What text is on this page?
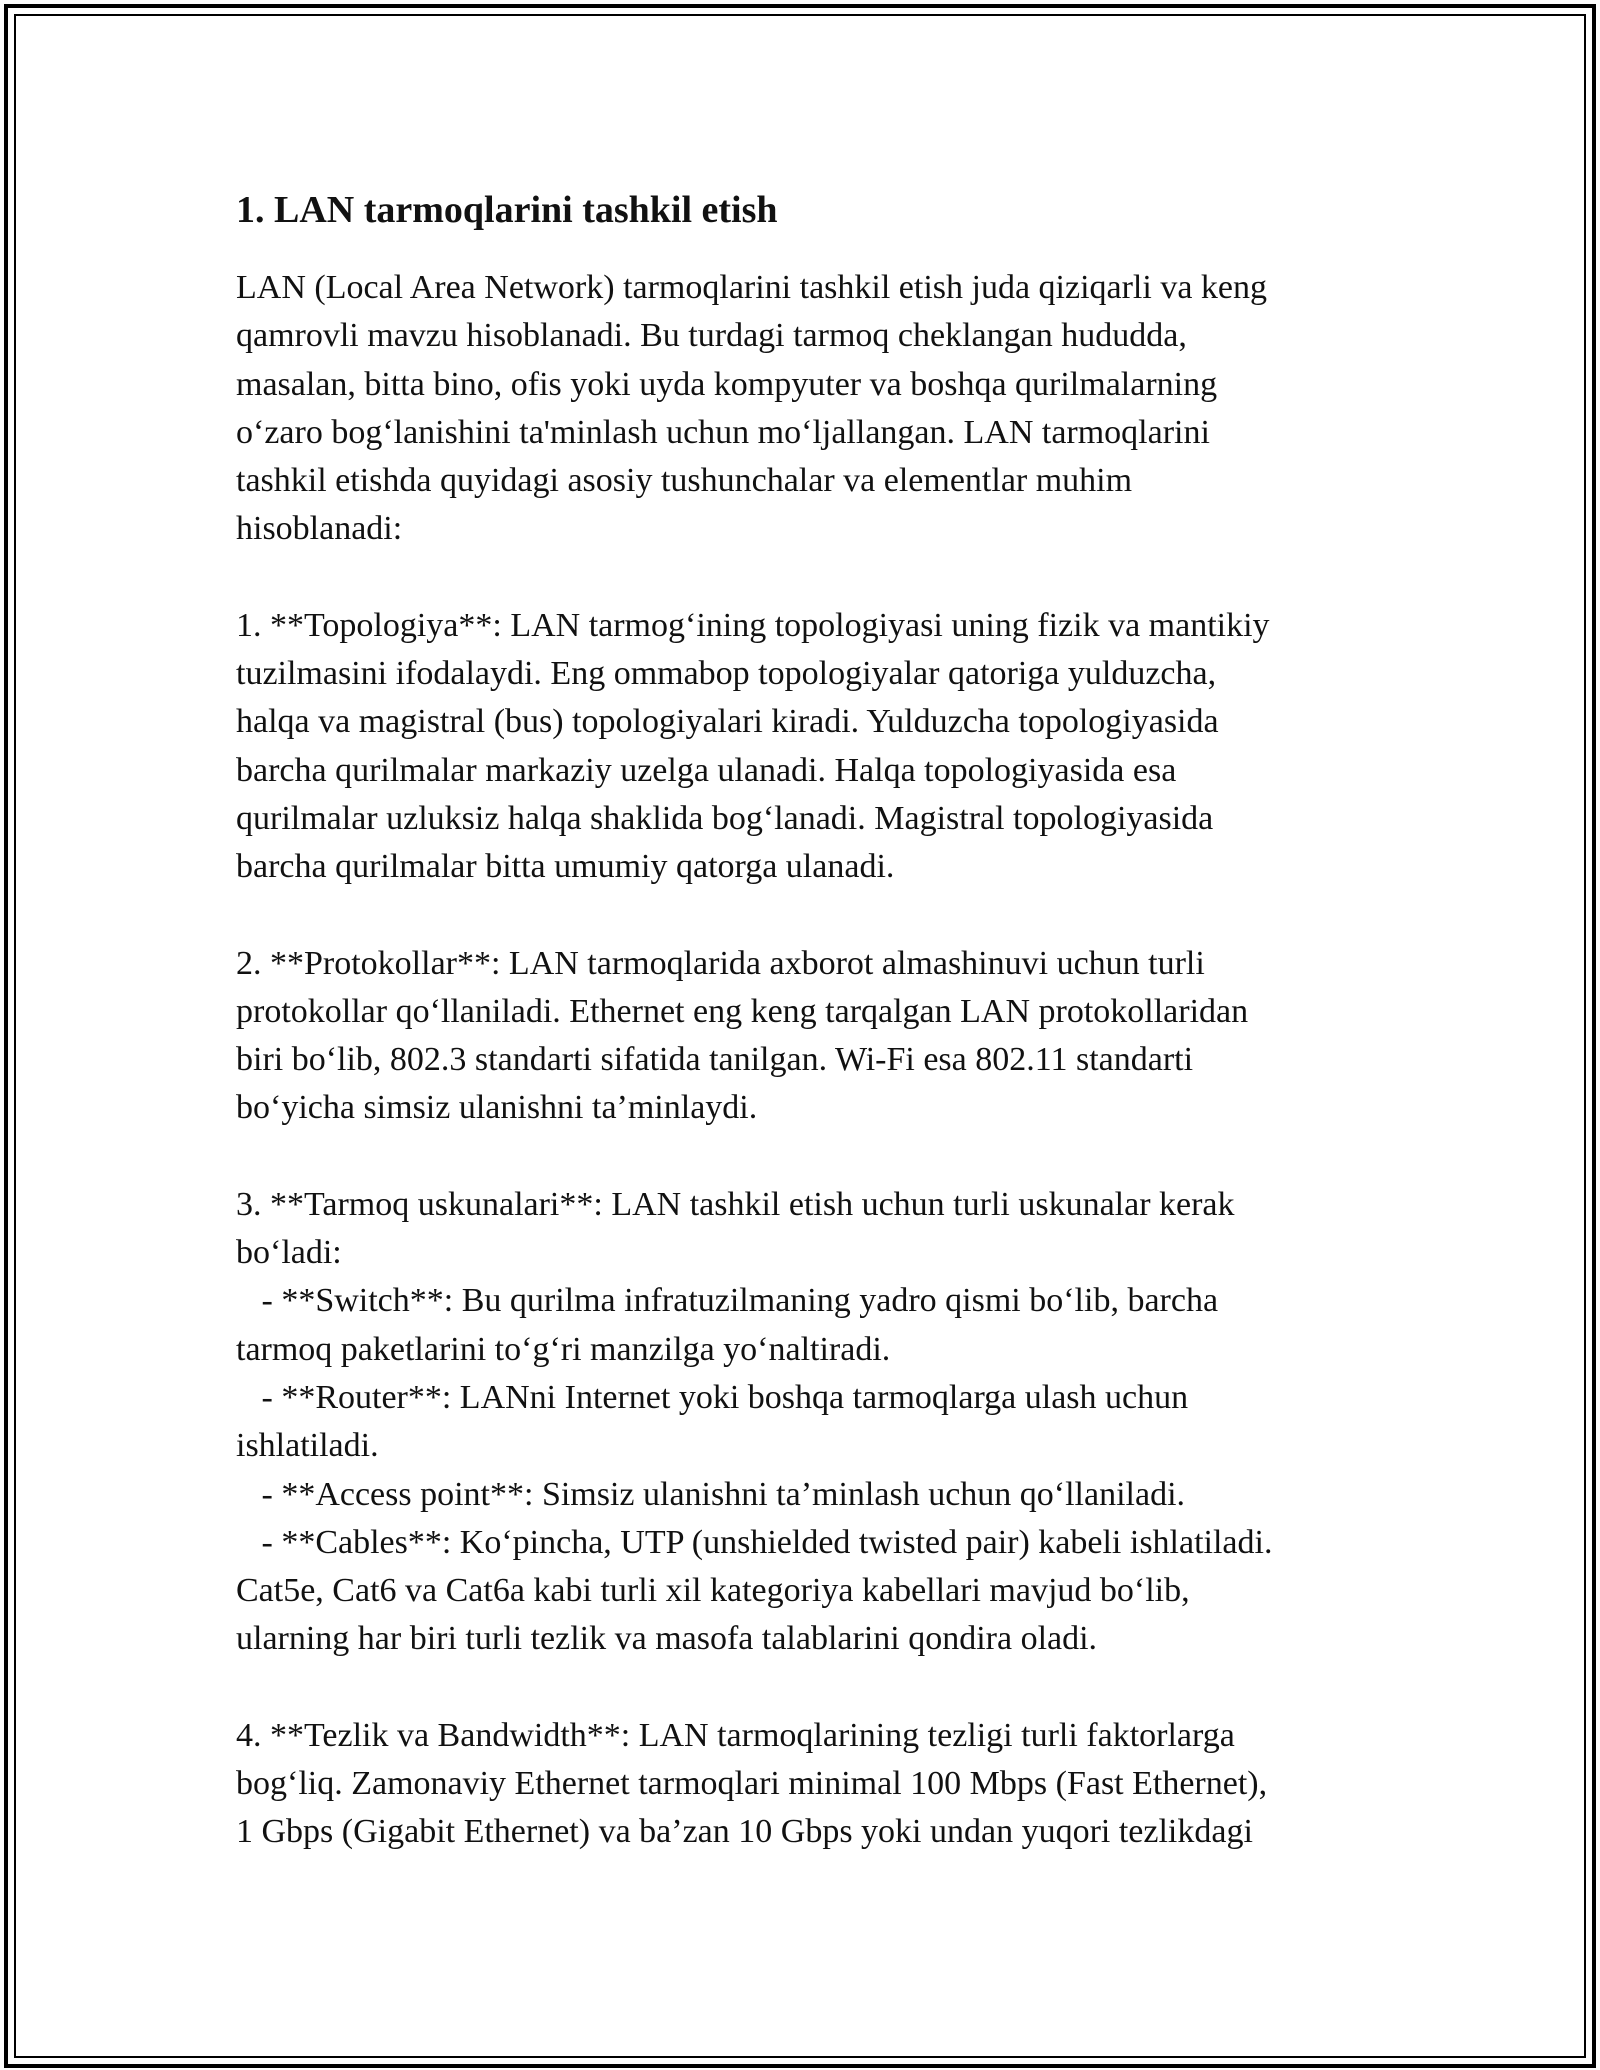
1. LAN tarmoqlarini tashkil etish
LAN (Local Area Network) tarmoqlarini tashkil etish juda qiziqarli va keng
qamrovli mavzu hisoblanadi. Bu turdagi tarmoq cheklangan hududda,
masalan, bitta bino, ofis yoki uyda kompyuter va boshqa qurilmalarning
o‘zaro bog‘lanishini ta'minlash uchun mo‘ljallangan. LAN tarmoqlarini
tashkil etishda quyidagi asosiy tushunchalar va elementlar muhim
hisoblanadi:
1. **Topologiya**: LAN tarmog‘ining topologiyasi uning fizik va mantikiy
tuzilmasini ifodalaydi. Eng ommabop topologiyalar qatoriga yulduzcha,
halqa va magistral (bus) topologiyalari kiradi. Yulduzcha topologiyasida
barcha qurilmalar markaziy uzelga ulanadi. Halqa topologiyasida esa
qurilmalar uzluksiz halqa shaklida bog‘lanadi. Magistral topologiyasida
barcha qurilmalar bitta umumiy qatorga ulanadi.
2. **Protokollar**: LAN tarmoqlarida axborot almashinuvi uchun turli
protokollar qo‘llaniladi. Ethernet eng keng tarqalgan LAN protokollaridan
biri bo‘lib, 802.3 standarti sifatida tanilgan. Wi-Fi esa 802.11 standarti
bo‘yicha simsiz ulanishni ta’minlaydi.
3. **Tarmoq uskunalari**: LAN tashkil etish uchun turli uskunalar kerak
bo‘ladi:
- **Switch**: Bu qurilma infratuzilmaning yadro qismi bo‘lib, barcha
tarmoq paketlarini to‘g‘ri manzilga yo‘naltiradi.
- **Router**: LANni Internet yoki boshqa tarmoqlarga ulash uchun
ishlatiladi.
- **Access point**: Simsiz ulanishni ta’minlash uchun qo‘llaniladi.
- **Cables**: Ko‘pincha, UTP (unshielded twisted pair) kabeli ishlatiladi.
Cat5e, Cat6 va Cat6a kabi turli xil kategoriya kabellari mavjud bo‘lib,
ularning har biri turli tezlik va masofa talablarini qondira oladi.
4. **Tezlik va Bandwidth**: LAN tarmoqlarining tezligi turli faktorlarga
bog‘liq. Zamonaviy Ethernet tarmoqlari minimal 100 Mbps (Fast Ethernet),
1 Gbps (Gigabit Ethernet) va ba’zan 10 Gbps yoki undan yuqori tezlikdagi
